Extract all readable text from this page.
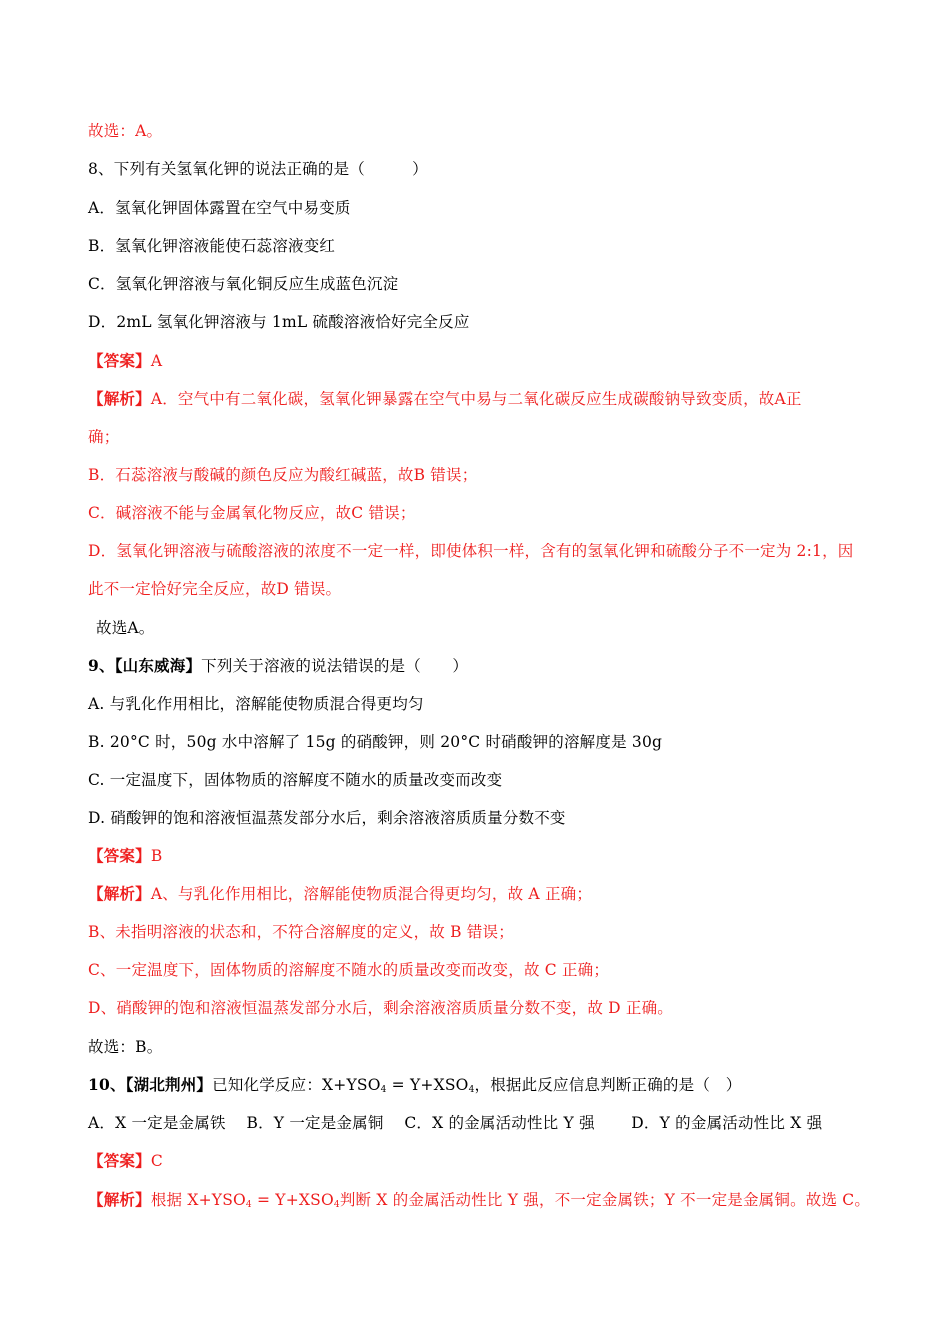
故选：A。
8、下列有关氢氧化钾的说法正确的是（　　　）
A．氢氧化钾固体露置在空气中易变质
B．氢氧化钾溶液能使石蕊溶液变红
C．氢氧化钾溶液与氧化铜反应生成蓝色沉淀
D．2mL 氢氧化钾溶液与 1mL 硫酸溶液恰好完全反应
【答案】A
【解析】A．空气中有二氧化碳，氢氧化钾暴露在空气中易与二氧化碳反应生成碳酸钠导致变质，故A正
确；
B．石蕊溶液与酸碱的颜色反应为酸红碱蓝，故B 错误；
C．碱溶液不能与金属氧化物反应，故C 错误；
D．氢氧化钾溶液与硫酸溶液的浓度不一定一样，即使体积一样，含有的氢氧化钾和硫酸分子不一定为 2:1，因
此不一定恰好完全反应，故D 错误。
故选A。
9、【山东威海】下列关于溶液的说法错误的是（　　）
A. 与乳化作用相比，溶解能使物质混合得更均匀
B. 20°C 时，50g 水中溶解了 15g 的硝酸钾，则 20°C 时硝酸钾的溶解度是 30g
C. 一定温度下，固体物质的溶解度不随水的质量改变而改变
D. 硝酸钾的饱和溶液恒温蒸发部分水后，剩余溶液溶质质量分数不变
【答案】B
【解析】A、与乳化作用相比，溶解能使物质混合得更均匀，故 A 正确；
B、未指明溶液的状态和，不符合溶解度的定义，故 B 错误；
C、一定温度下，固体物质的溶解度不随水的质量改变而改变，故 C 正确；
D、硝酸钾的饱和溶液恒温蒸发部分水后，剩余溶液溶质质量分数不变，故 D 正确。
故选：B。
10、【湖北荆州】已知化学反应：$X+YSO_4 = Y+XSO_4$，根据此反应信息判断正确的是（　）
A．X 一定是金属铁　 B．Y 一定是金属铜　 C．X 的金属活动性比 Y 强　　 D．Y 的金属活动性比 X 强
【答案】C
【解析】根据 $X+YSO_4 = Y+XSO_4$判断 X 的金属活动性比 Y 强，不一定金属铁；Y 不一定是金属铜。故选 C。
